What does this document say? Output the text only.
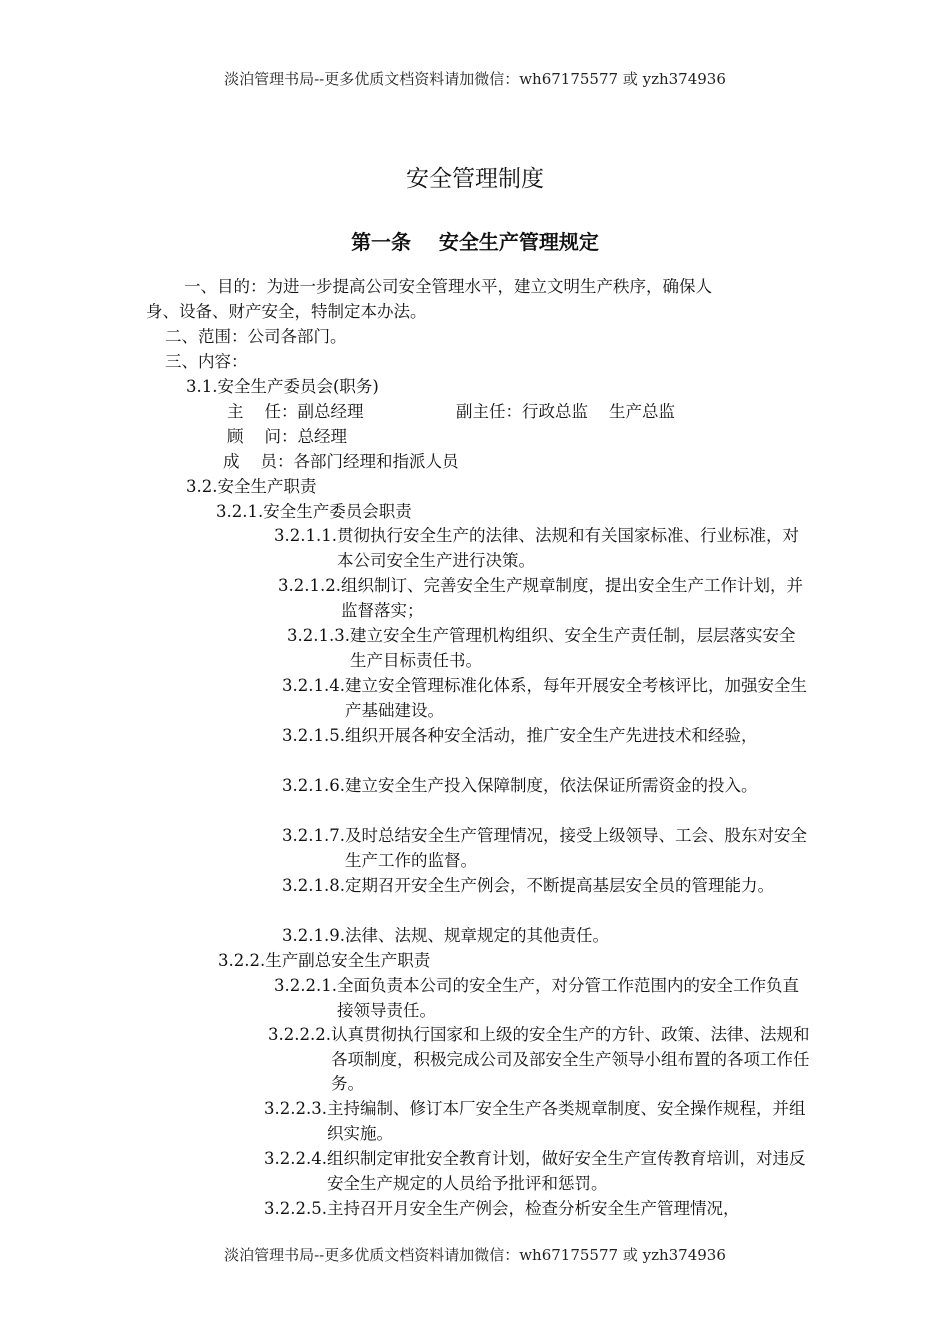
淡泊管理书局--更多优质文档资料请加微信：wh67175577 或 yzh374936
安全管理制度
第一条    安全生产管理规定
一、目的：为进一步提高公司安全管理水平，建立文明生产秩序，确保人
身、设备、财产安全，特制定本办法。
二、范围：公司各部门。
三、内容：
3.1.安全生产委员会(职务)
主    任：副总经理	副主任：行政总监    生产总监
顾    问：总经理
成    员：各部门经理和指派人员
3.2.安全生产职责
3.2.1.安全生产委员会职责
3.2.1.1. 贯彻执行安全生产的法律、法规和有关国家标准、行业标准，对本公司安全生产进行决策。
3.2.1.2. 组织制订、完善安全生产规章制度，提出安全生产工作计划，并监督落实；
3.2.1.3. 建立安全生产管理机构组织、安全生产责任制，层层落实安全生产目标责任书。
3.2.1.4. 建立安全管理标准化体系，每年开展安全考核评比，加强安全生产基础建设。
3.2.1.5. 组织开展各种安全活动，推广安全生产先进技术和经验，
3.2.1.6. 建立安全生产投入保障制度，依法保证所需资金的投入。
3.2.1.7. 及时总结安全生产管理情况，接受上级领导、工会、股东对安全生产工作的监督。
3.2.1.8. 定期召开安全生产例会，不断提高基层安全员的管理能力。
3.2.1.9. 法律、法规、规章规定的其他责任。
3.2.2.生产副总安全生产职责
3.2.2.1. 全面负责本公司的安全生产，对分管工作范围内的安全工作负直接领导责任。
3.2.2.2. 认真贯彻执行国家和上级的安全生产的方针、政策、法律、法规和各项制度，积极完成公司及部安全生产领导小组布置的各项工作任务。
3.2.2.3. 主持编制、修订本厂安全生产各类规章制度、安全操作规程，并组织实施。
3.2.2.4. 组织制定审批安全教育计划，做好安全生产宣传教育培训，对违反安全生产规定的人员给予批评和惩罚。
3.2.2.5. 主持召开月安全生产例会，检查分析安全生产管理情况，
淡泊管理书局--更多优质文档资料请加微信：wh67175577 或 yzh374936
